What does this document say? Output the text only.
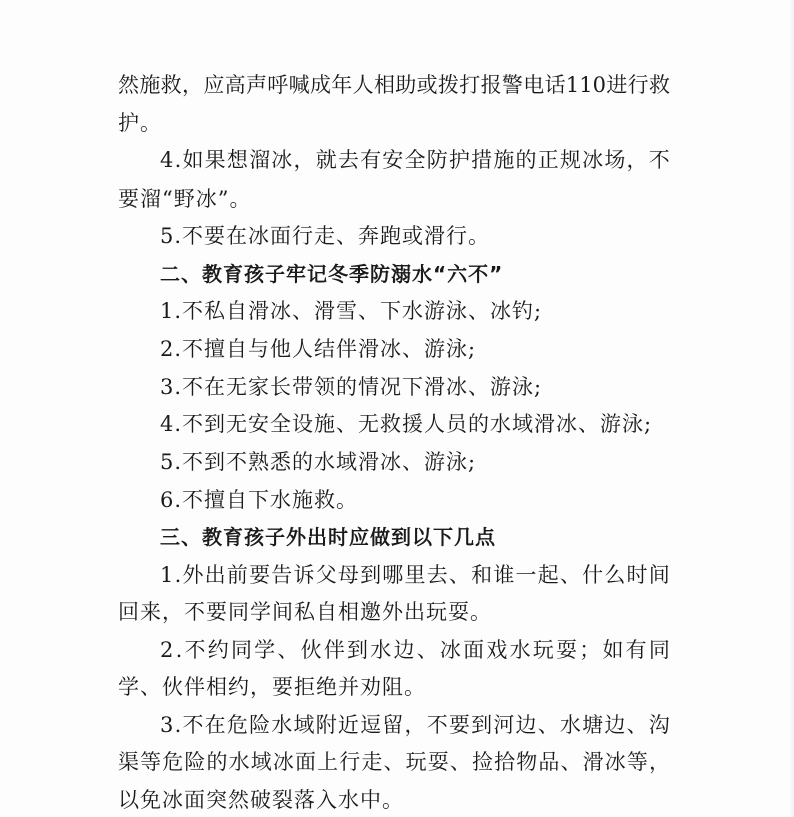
然 施 救 ， 应 高 声 呼 喊 成 年 人 相 助 或 拨 打 报 警 电 话 110 进 行 救
护。
4 . 如 果 想 溜 冰 ， 就 去 有 安 全 防 护 措 施 的 正 规 冰 场 ， 不
要溜“野冰”。
5.不要在冰面行走、奔跑或滑行。
二、教育孩子牢记冬季防溺水“六不”
1.不私自滑冰、滑雪、下水游泳、冰钓;
2.不擅自与他人结伴滑冰、游泳;
3.不在无家长带领的情况下滑冰、游泳;
4.不到无安全设施、无救援人员的水域滑冰、游泳;
5.不到不熟悉的水域滑冰、游泳;
6.不擅自下水施救。
三、教育孩子外出时应做到以下几点
1 . 外 出 前 要 告 诉 父 母 到 哪 里 去 、 和 谁 一 起 、 什 么 时 间
回来，不要同学间私自相邀外出玩耍。
2 . 不 约 同 学 、 伙 伴 到 水 边 、 冰 面 戏 水 玩 耍 ； 如 有 同
学、伙伴相约，要拒绝并劝阻。
3 . 不 在 危 险 水 域 附 近 逗 留 ， 不 要 到 河 边 、 水 塘 边 、 沟
渠 等 危 险 的 水 域 冰 面 上 行 走 、 玩 耍 、 捡 拾 物 品 、 滑 冰 等 ，
以免冰面突然破裂落入水中。
